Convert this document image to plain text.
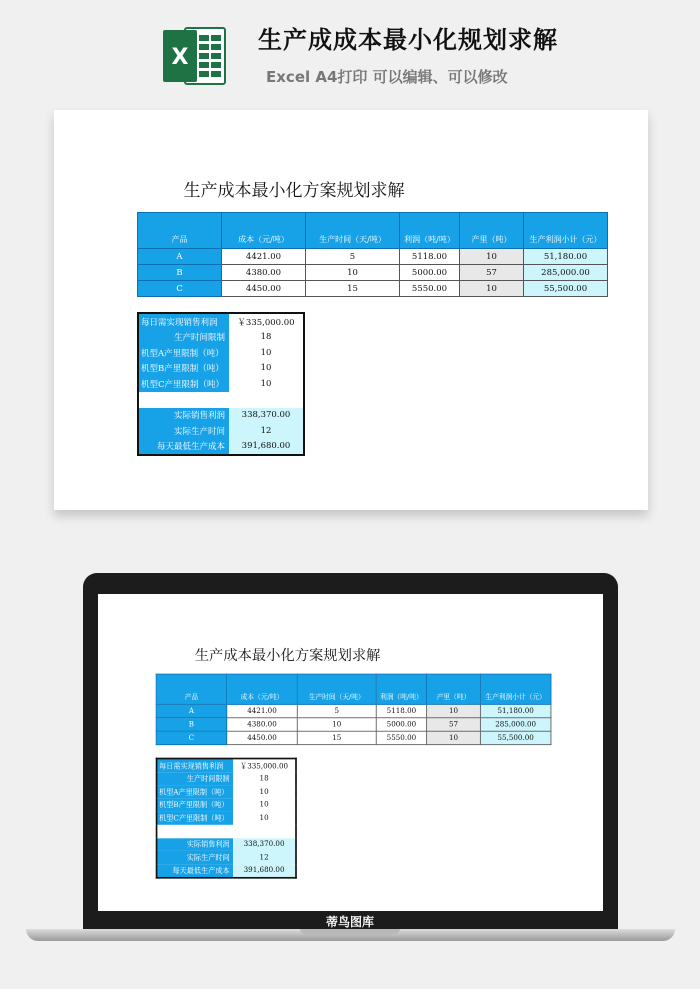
X
生产成成本最小化规划求解
Excel A4打印 可以编辑、可以修改
生产成本最小化方案规划求解
产品	成本（元/吨）	生产时间（天/吨）	利润（吨/吨）	产里（吨）	生产利润小计（元）
A	4421.00	5	5118.00	10	51,180.00
B	4380.00	10	5000.00	57	285,000.00
C	4450.00	15	5550.00	10	55,500.00
每日需实现销售利润	￥335,000.00
生产时间限制	18
机型A产里限制（吨）	10
机型B产里限制（吨）	10
机型C产里限制（吨）	10

实际销售利润	338,370.00
实际生产时间	12
每天最低生产成本	391,680.00
生产成本最小化方案规划求解
产品	成本（元/吨）	生产时间（天/吨）	利润（吨/吨）	产里（吨）	生产利润小计（元）
A	4421.00	5	5118.00	10	51,180.00
B	4380.00	10	5000.00	57	285,000.00
C	4450.00	15	5550.00	10	55,500.00
每日需实现销售利润	￥335,000.00
生产时间限制	18
机型A产里限制（吨）	10
机型B产里限制（吨）	10
机型C产里限制（吨）	10

实际销售利润	338,370.00
实际生产时间	12
每天最低生产成本	391,680.00
蒂鸟图库
